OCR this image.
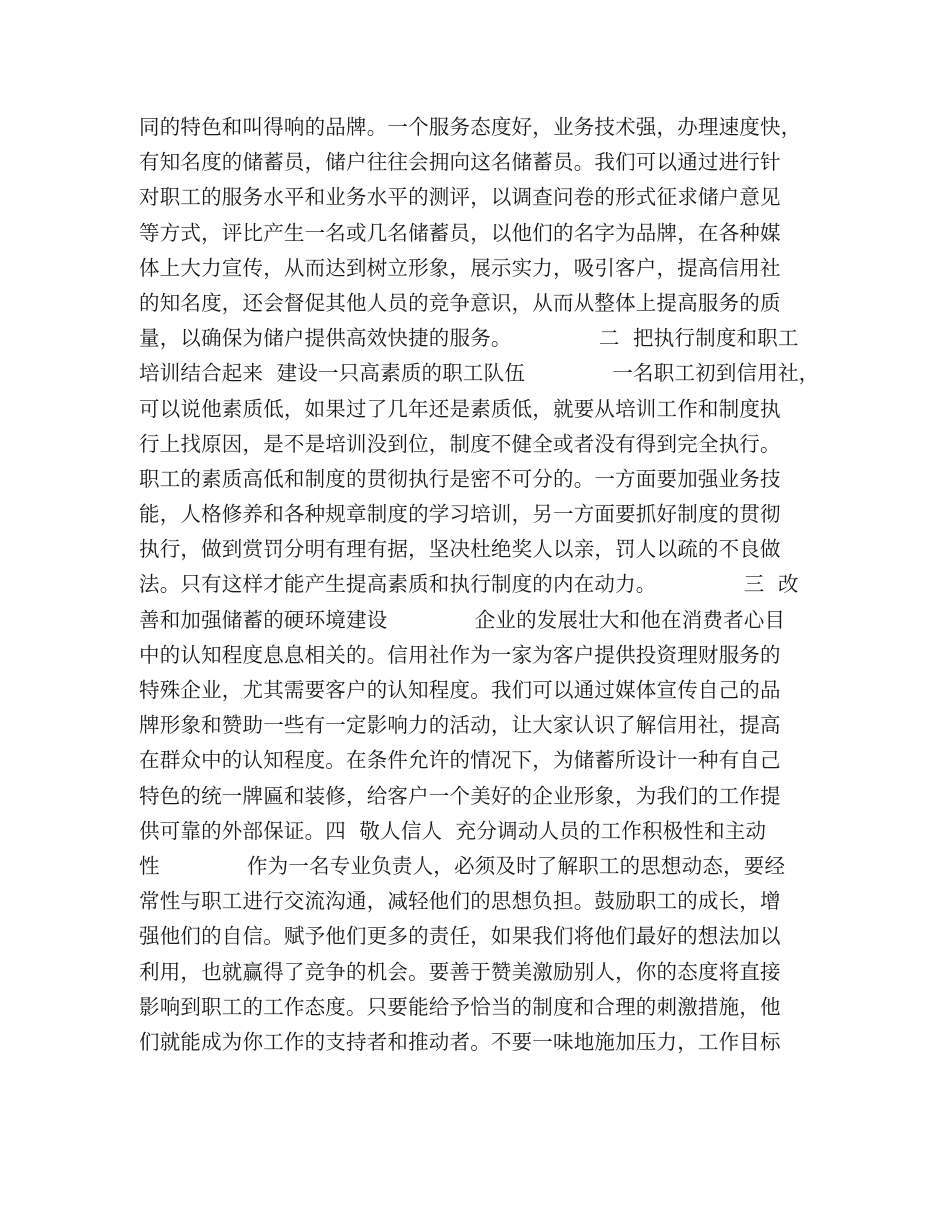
同的特色和叫得响的品牌。一个服务态度好，业务技术强，办理速度快，
有知名度的储蓄员，储户往往会拥向这名储蓄员。我们可以通过进行针
对职工的服务水平和业务水平的测评，以调查问卷的形式征求储户意见
等方式，评比产生一名或几名储蓄员，以他们的名字为品牌，在各种媒
体上大力宣传，从而达到树立形象，展示实力，吸引客户，提高信用社
的知名度，还会督促其他人员的竞争意识，从而从整体上提高服务的质
量，以确保为储户提供高效快捷的服务。             二  把执行制度和职工
培训结合起来  建设一只高素质的职工队伍             一名职工初到信用社，
可以说他素质低，如果过了几年还是素质低，就要从培训工作和制度执
行上找原因，是不是培训没到位，制度不健全或者没有得到完全执行。
职工的素质高低和制度的贯彻执行是密不可分的。一方面要加强业务技
能，人格修养和各种规章制度的学习培训，另一方面要抓好制度的贯彻
执行，做到赏罚分明有理有据，坚决杜绝奖人以亲，罚人以疏的不良做
法。只有这样才能产生提高素质和执行制度的内在动力。             三  改
善和加强储蓄的硬环境建设             企业的发展壮大和他在消费者心目
中的认知程度息息相关的。信用社作为一家为客户提供投资理财服务的
特殊企业，尤其需要客户的认知程度。我们可以通过媒体宣传自己的品
牌形象和赞助一些有一定影响力的活动，让大家认识了解信用社，提高
在群众中的认知程度。在条件允许的情况下，为储蓄所设计一种有自己
特色的统一牌匾和装修，给客户一个美好的企业形象，为我们的工作提
供可靠的外部保证。四  敬人信人  充分调动人员的工作积极性和主动
性             作为一名专业负责人，必须及时了解职工的思想动态，要经
常性与职工进行交流沟通，减轻他们的思想负担。鼓励职工的成长，增
强他们的自信。赋予他们更多的责任，如果我们将他们最好的想法加以
利用，也就赢得了竞争的机会。要善于赞美激励别人，你的态度将直接
影响到职工的工作态度。只要能给予恰当的制度和合理的刺激措施，他
们就能成为你工作的支持者和推动者。不要一味地施加压力，工作目标
